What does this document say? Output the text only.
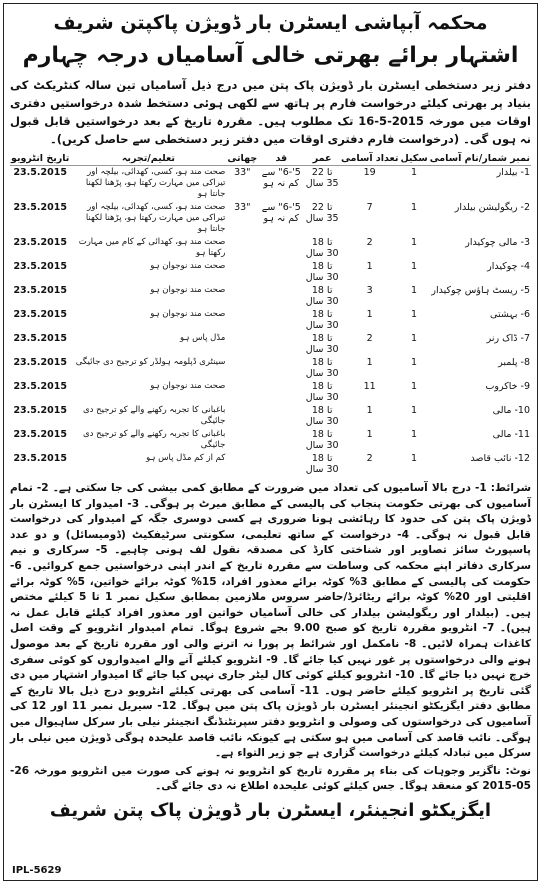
محکمہ آبپاشی ایسٹرن بار ڈویژن پاکپتن شریف
اشتہار برائے بھرتی خالی آسامیاں درجہ چہارم
دفتر زیر دستخطی ایسٹرن بار ڈویژن پاک پتن میں درج ذیل آسامیاں تین سالہ کنٹریکٹ کی بنیاد پر بھرتی کیلئے درخواست فارم پر ہاتھ سے لکھی ہوئی دستخط شدہ درخواستیں دفتری اوقات میں مورخہ 2015-5-16 تک مطلوب ہیں۔ مقررہ تاریخ کے بعد درخواستیں قابل قبول نہ ہوں گی۔ (درخواست فارم دفتری اوقات میں دفتر زیر دستخطی سے حاصل کریں)۔
نمبر شمار/نام آسامی	سکیل	تعداد آسامی	عمر	قد	چھاتی	تعلیم/تجربہ	تاریخ انٹرویو
1- بیلدار	1	19	22 تا 35 سال	5'-6" سے کم نہ ہو	33"	صحت مند ہو، کسی، کھدائی، بیلچہ اور تیراکی میں مہارت رکھتا ہو، پڑھنا لکھنا جانتا ہو	23.5.2015
2- ریگولیشن بیلدار	1	7	22 تا 35 سال	5'-6" سے کم نہ ہو	33"	صحت مند ہو، کسی، کھدائی، بیلچہ اور تیراکی میں مہارت رکھتا ہو، پڑھنا لکھنا جانتا ہو	23.5.2015
3- مالی چوکیدار	1	2	18 تا 30 سال			صحت مند ہو، کھدائی کے کام میں مہارت رکھتا ہو	23.5.2015
4- چوکیدار	1	1	18 تا 30 سال			صحت مند نوجوان ہو	23.5.2015
5- ریسٹ ہاؤس چوکیدار	1	3	18 تا 30 سال			صحت مند نوجوان ہو	23.5.2015
6- بہشتی	1	1	18 تا 30 سال			صحت مند نوجوان ہو	23.5.2015
7- ڈاک رنر	1	2	18 تا 30 سال			مڈل پاس ہو	23.5.2015
8- پلمبر	1	1	18 تا 30 سال			سینٹری ڈپلومہ ہولڈر کو ترجیح دی جائیگی	23.5.2015
9- خاکروب	1	11	18 تا 30 سال			صحت مند نوجوان ہو	23.5.2015
10- مالی	1	1	18 تا 30 سال			باغبانی کا تجربہ رکھنے والے کو ترجیح دی جائیگی	23.5.2015
11- مالی	1	1	18 تا 30 سال			باغبانی کا تجربہ رکھنے والے کو ترجیح دی جائیگی	23.5.2015
12- نائب قاصد	1	2	18 تا 30 سال			کم از کم مڈل پاس ہو	23.5.2015
شرائط: 1- درج بالا آسامیوں کی تعداد میں ضرورت کے مطابق کمی بیشی کی جا سکتی ہے۔ 2- تمام آسامیوں کی بھرتی حکومت پنجاب کی پالیسی کے مطابق میرٹ پر ہوگی۔ 3- امیدوار کا ایسٹرن بار ڈویژن پاک پتن کی حدود کا رہائشی ہونا ضروری ہے کسی دوسری جگہ کے امیدوار کی درخواست قابل قبول نہ ہوگی۔ 4- درخواست کے ساتھ تعلیمی، سکونتی سرٹیفکیٹ (ڈومیسائل) و دو عدد پاسپورٹ سائز تصاویر اور شناختی کارڈ کی مصدقہ نقول لف ہونی چاہیے۔ 5- سرکاری و نیم سرکاری دفاتر اپنے محکمہ کی وساطت سے مقررہ تاریخ کے اندر اپنی درخواستیں جمع کروائیں۔ 6- حکومت کی پالیسی کے مطابق 3% کوٹہ برائے معذور افراد، 15% کوٹہ برائے خواتین، 5% کوٹہ برائے اقلیتی اور 20% کوٹہ برائے ریٹائرڈ/حاضر سروس ملازمین بمطابق سکیل نمبر 1 تا 5 کیلئے مختص ہیں۔ (بیلدار اور ریگولیشن بیلدار کی خالی آسامیاں خواتین اور معذور افراد کیلئے قابل عمل نہ ہیں)۔ 7- انٹرویو مقررہ تاریخ کو صبح 9.00 بجے شروع ہوگا۔ تمام امیدوار انٹرویو کے وقت اصل کاغذات ہمراہ لائیں۔ 8- نامکمل اور شرائط پر پورا نہ اترنے والی اور مقررہ تاریخ کے بعد موصول ہونے والی درخواستوں پر غور نہیں کیا جائے گا۔ 9- انٹرویو کیلئے آنے والے امیدواروں کو کوئی سفری خرچ نہیں دیا جائے گا۔ 10- انٹرویو کیلئے کوئی کال لیٹر جاری نہیں کیا جائے گا امیدوار اشتہار میں دی گئی تاریخ پر انٹرویو کیلئے حاضر ہوں۔ 11- آسامی کی بھرتی کیلئے انٹرویو درج ذیل بالا تاریخ کے مطابق دفتر ایگزیکٹو انجینئر ایسٹرن بار ڈویژن پاک پتن میں ہوگا۔ 12- سیریل نمبر 11 اور 12 کی آسامیوں کی درخواستوں کی وصولی و انٹرویو دفتر سپرنٹنڈنگ انجینئر نیلی بار سرکل ساہیوال میں ہوگی۔ نائب قاصد کی آسامی میں ہو سکتی ہے کیونکہ نائب قاصد علیحدہ ہوگی ڈویژن میں نیلی بار سرکل میں تبادلہ کیلئے درخواست گزاری ہے جو زیر التواء ہے۔
نوٹ: ناگزیر وجوہات کی بناء پر مقررہ تاریخ کو انٹرویو نہ ہونے کی صورت میں انٹرویو مورخہ 26-05-2015 کو منعقد ہوگا۔ جس کیلئے کوئی علیحدہ اطلاع نہ دی جائے گی۔
ایگزیکٹو انجینئر، ایسٹرن بار ڈویژن پاک پتن شریف
IPL-5629
